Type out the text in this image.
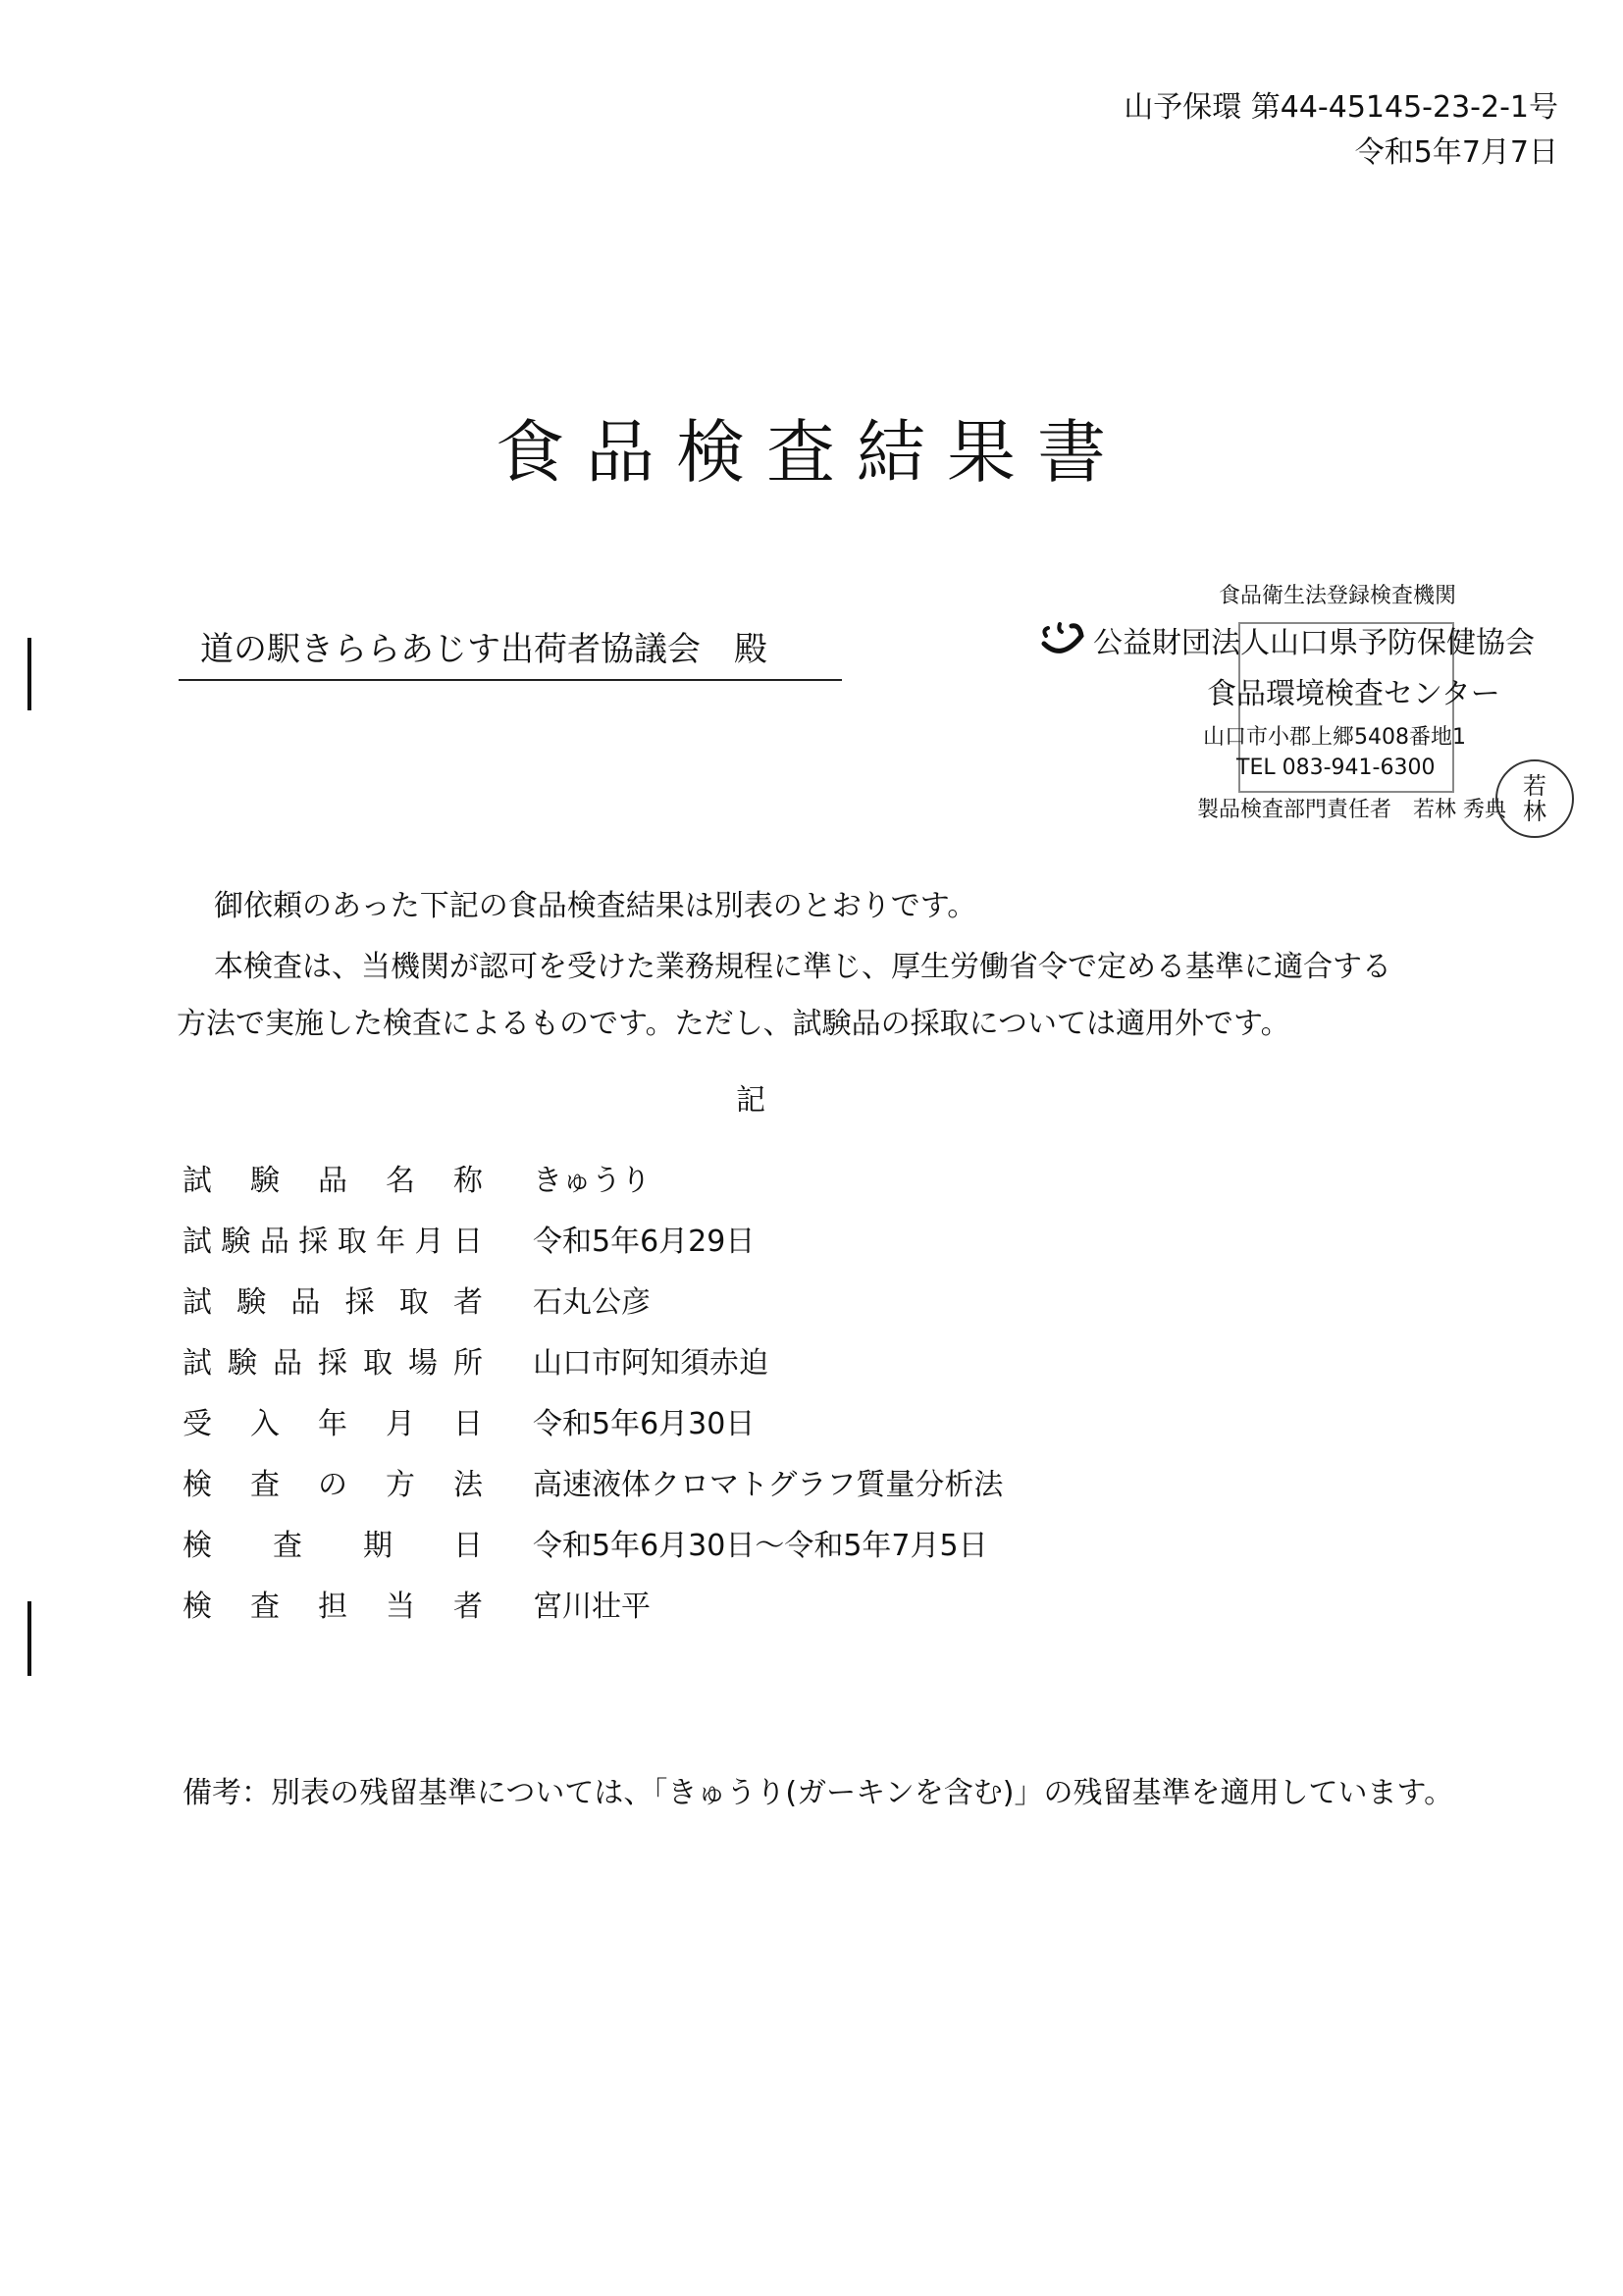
山予保環 第44-45145-23-2-1号
令和5年7月7日
食品検査結果書
道の駅きららあじす出荷者協議会　殿
食品衛生法登録検査機関
公益財団法人山口県予防保健協会
食品環境検査センター
山口市小郡上郷5408番地1
TEL 083-941-6300
製品検査部門責任者　若林 秀典
若
林
御依頼のあった下記の食品検査結果は別表のとおりです。
本検査は、当機関が認可を受けた業務規程に準じ、厚生労働省令で定める基準に適合する
方法で実施した検査によるものです。ただし、試験品の採取については適用外です。
記
試 験 品 名 称 きゅうり
試 験 品 採 取 年 月 日 令和5年6月29日
試 験 品 採 取 者 石丸公彦
試 験 品 採 取 場 所 山口市阿知須赤迫
受 入 年 月 日 令和5年6月30日
検 査 の 方 法 高速液体クロマトグラフ質量分析法
検 査 期 日 令和5年6月30日～令和5年7月5日
検 査 担 当 者 宮川壮平
備考：別表の残留基準については、「きゅうり(ガーキンを含む)」の残留基準を適用しています。
